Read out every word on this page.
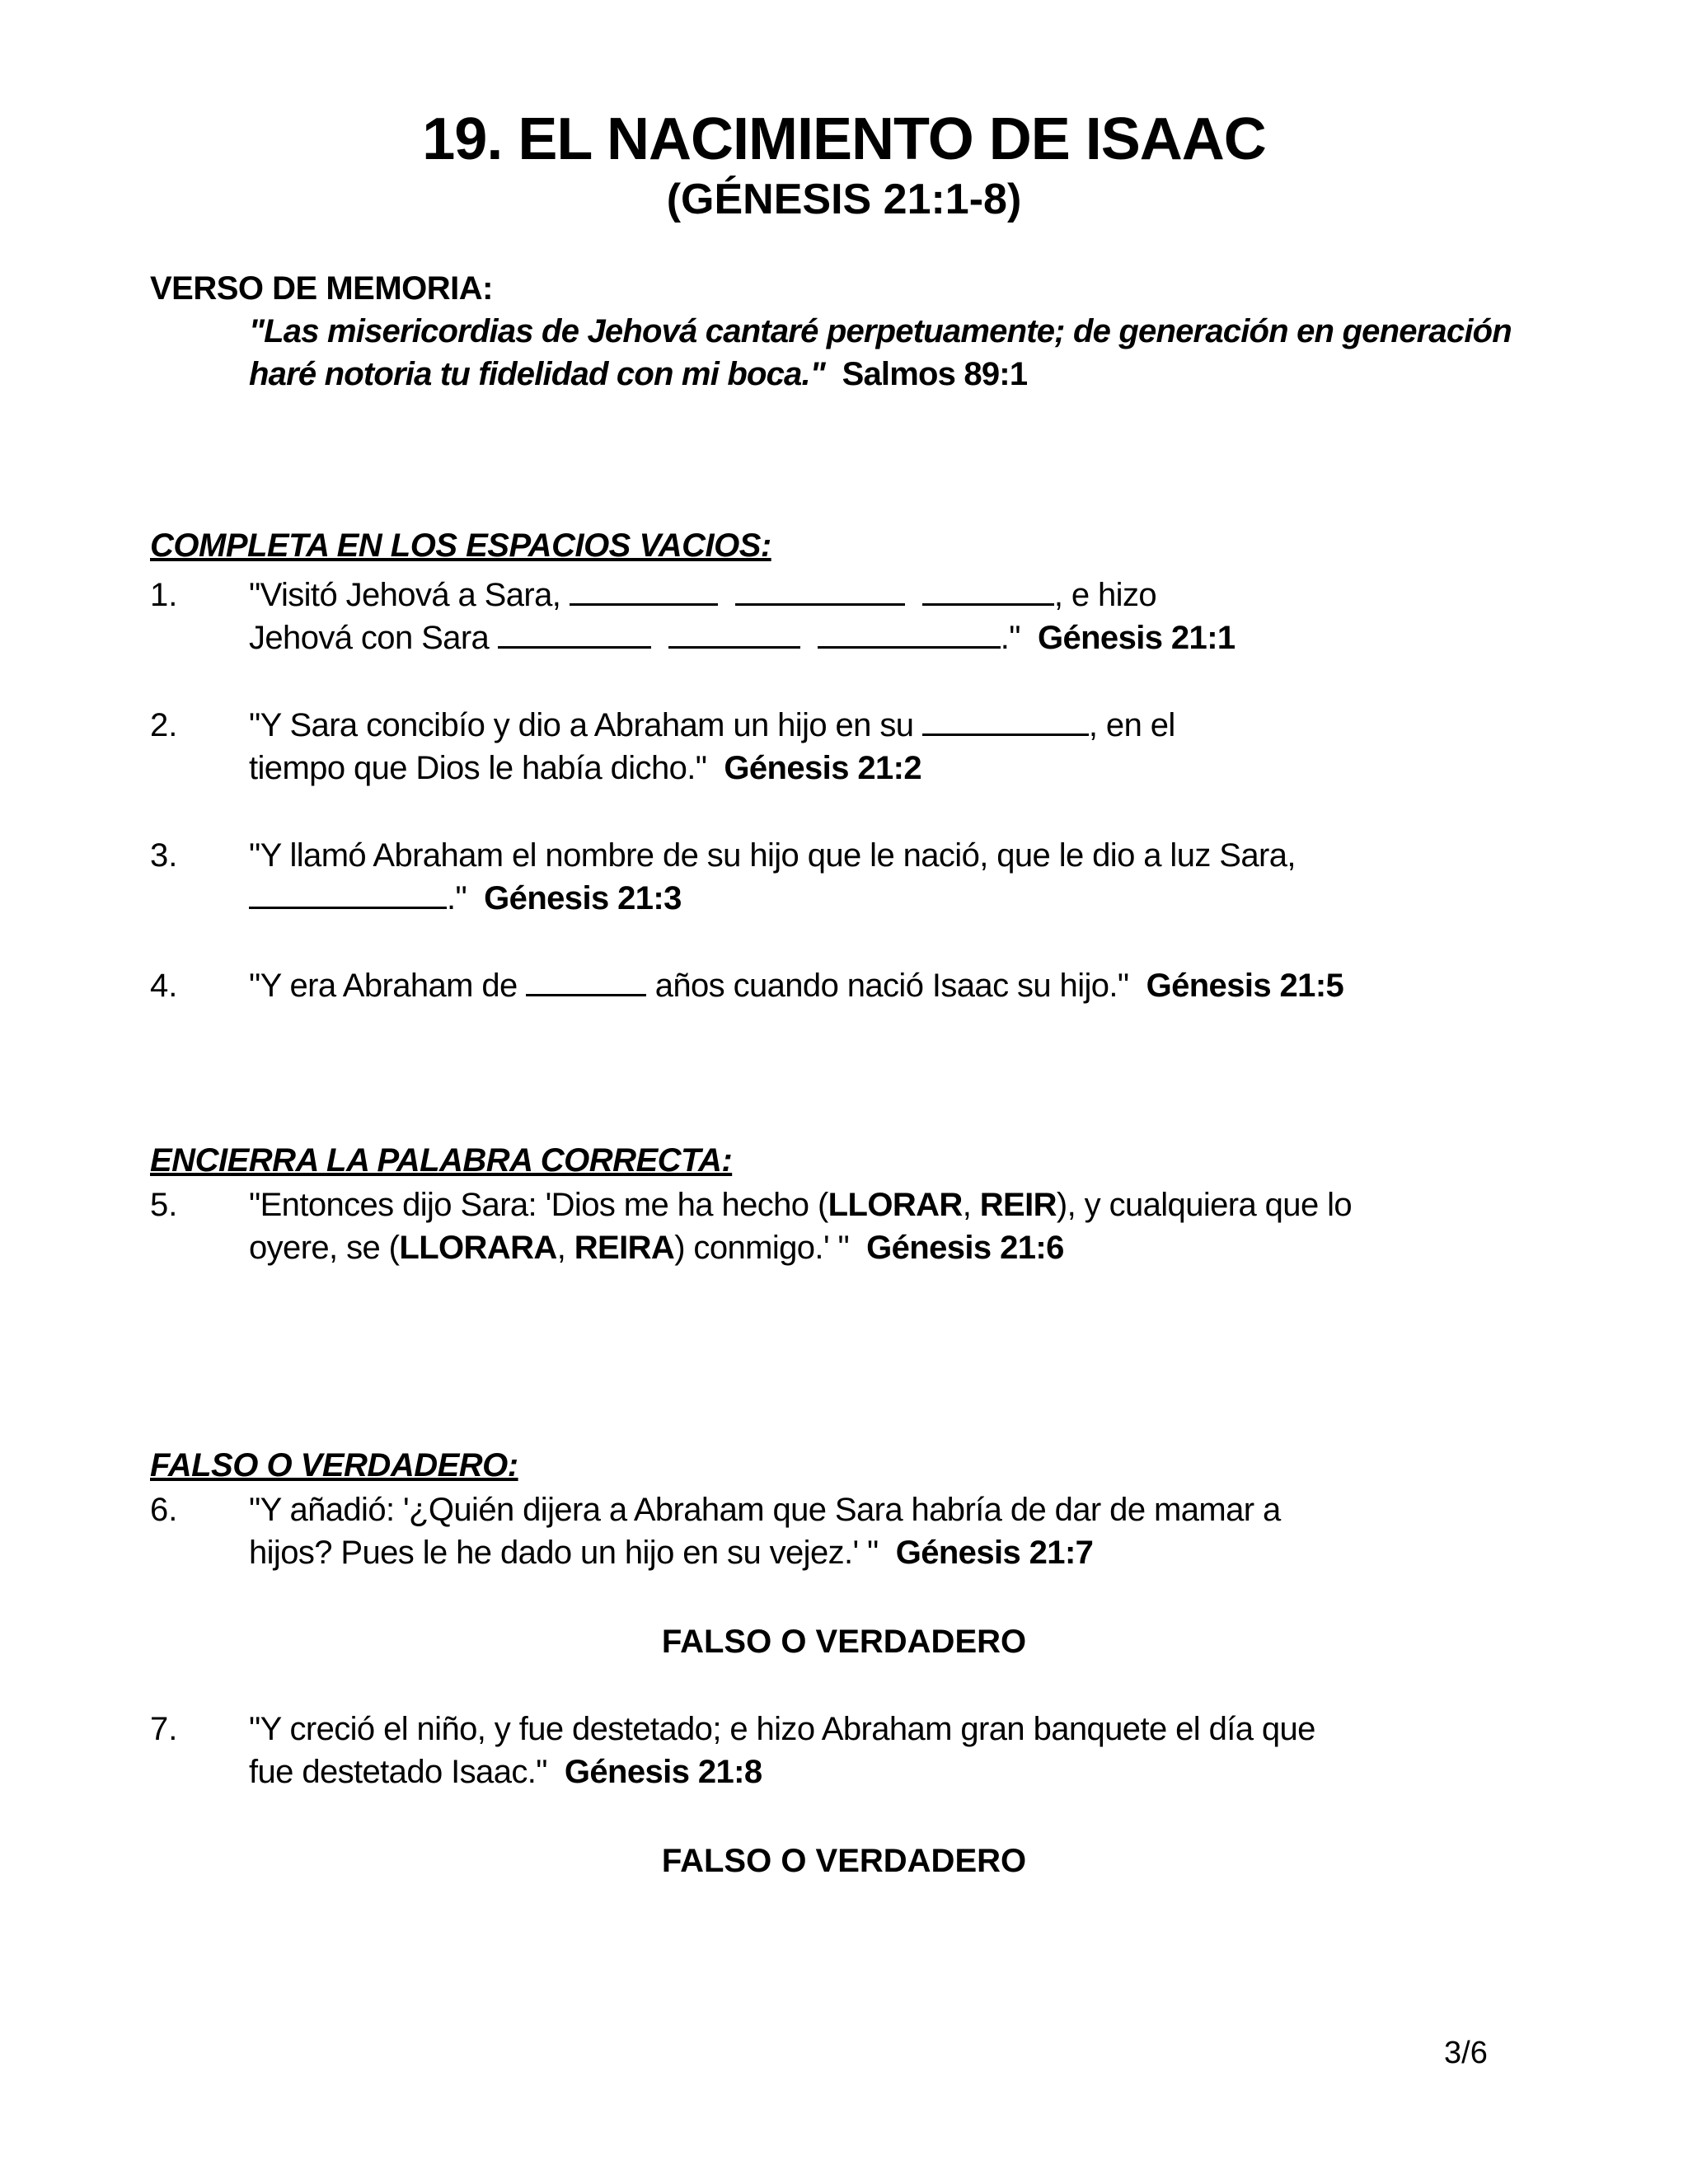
19. EL NACIMIENTO DE ISAAC
(GÉNESIS 21:1-8)
VERSO DE MEMORIA:
"Las misericordias de Jehová cantaré perpetuamente; de generación en generación
haré notoria tu fidelidad con mi boca." Salmos 89:1
COMPLETA EN LOS ESPACIOS VACIOS:
1. "Visitó Jehová a Sara,	, e hizo
Jehová con Sara	." Génesis 21:1
2. "Y Sara concibío y dio a Abraham un hijo en su	, en el
tiempo que Dios le había dicho." Génesis 21:2
3. "Y llamó Abraham el nombre de su hijo que le nació, que le dio a luz Sara,
." Génesis 21:3
4. "Y era Abraham de	años cuando nació Isaac su hijo." Génesis 21:5
ENCIERRA LA PALABRA CORRECTA:
5. "Entonces dijo Sara: 'Dios me ha hecho (LLORAR, REIR), y cualquiera que lo
oyere, se (LLORARA, REIRA) conmigo.' " Génesis 21:6
FALSO O VERDADERO:
6. "Y añadió: '¿Quién dijera a Abraham que Sara habría de dar de mamar a
hijos? Pues le he dado un hijo en su vejez.' " Génesis 21:7
FALSO O VERDADERO
7. "Y creció el niño, y fue destetado; e hizo Abraham gran banquete el día que
fue destetado Isaac." Génesis 21:8
FALSO O VERDADERO
3/6
